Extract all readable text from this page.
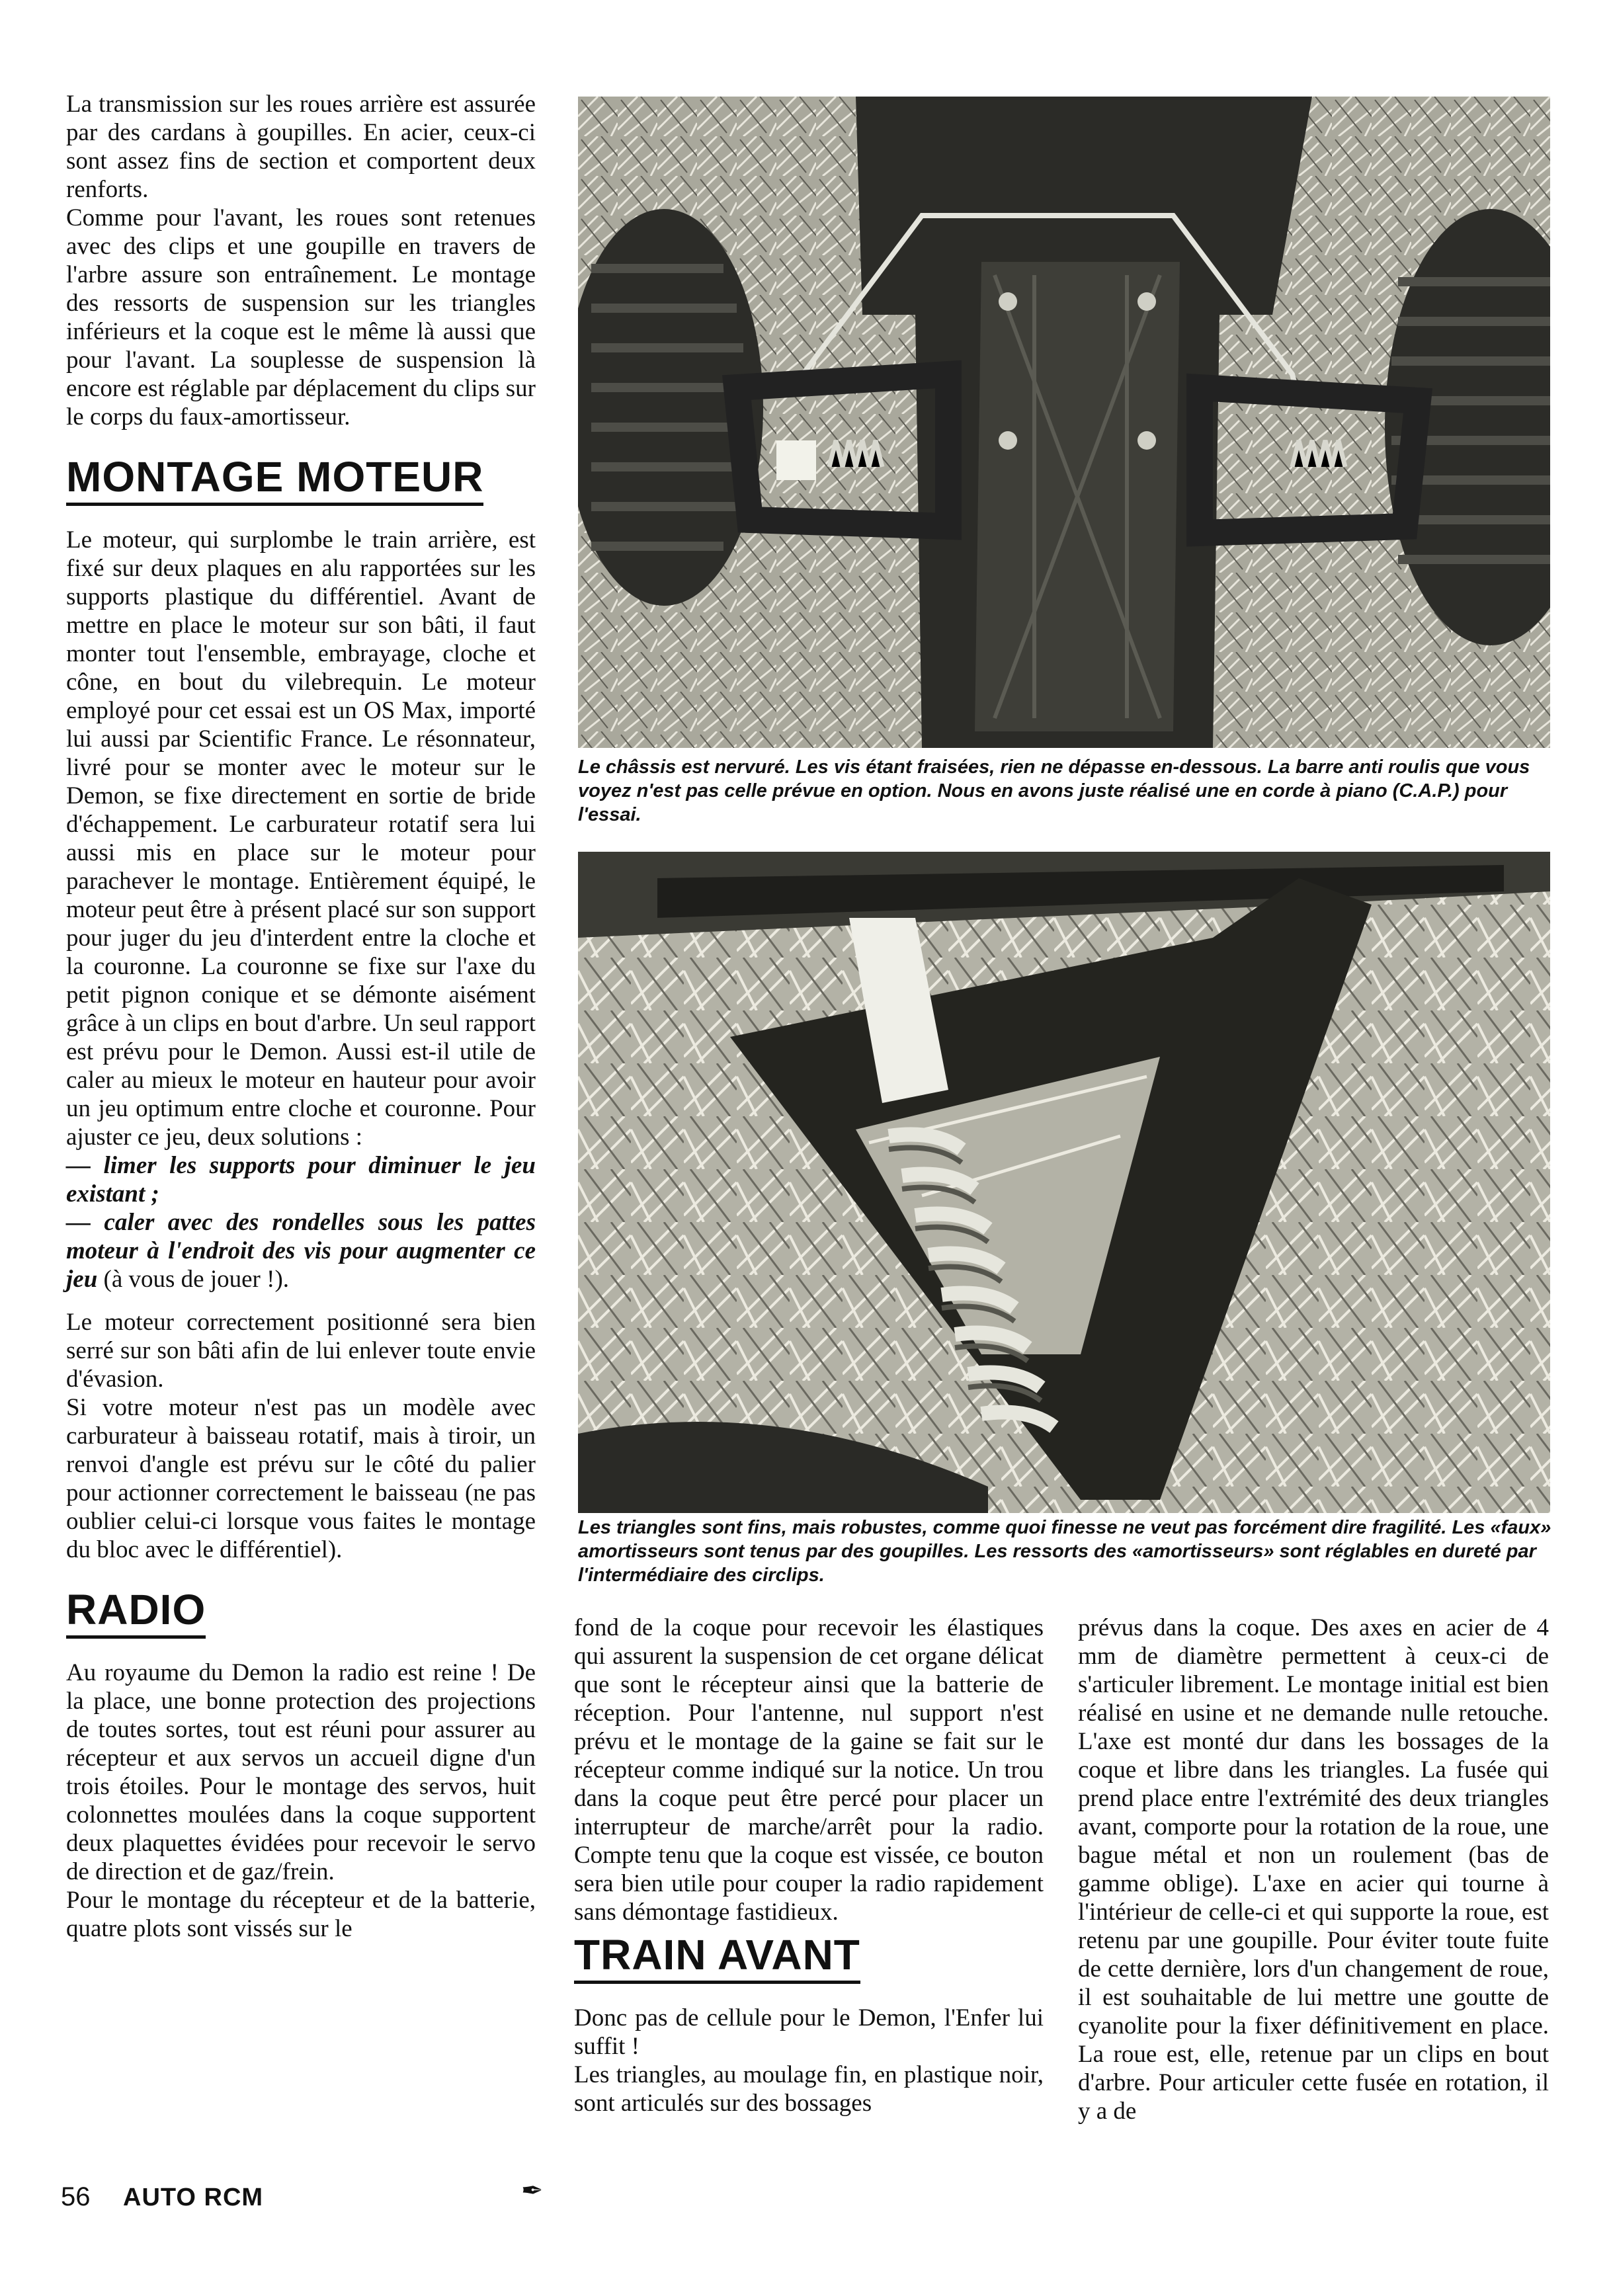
La transmission sur les roues arrière est assurée par des cardans à goupilles. En acier, ceux-ci sont assez fins de section et comportent deux renforts.

Comme pour l'avant, les roues sont retenues avec des clips et une goupille en travers de l'arbre assure son entraînement. Le montage des ressorts de suspension sur les triangles inférieurs et la coque est le même là aussi que pour l'avant. La souplesse de suspension là encore est réglable par déplacement du clips sur le corps du faux-amortisseur.

MONTAGE MOTEUR

Le moteur, qui surplombe le train arrière, est fixé sur deux plaques en alu rapportées sur les supports plastique du différentiel. Avant de mettre en place le moteur sur son bâti, il faut monter tout l'ensemble, embrayage, cloche et cône, en bout du vilebrequin. Le moteur employé pour cet essai est un OS Max, importé lui aussi par Scientific France. Le résonnateur, livré pour se monter avec le moteur sur le Demon, se fixe directement en sortie de bride d'échappement. Le carburateur rotatif sera lui aussi mis en place sur le moteur pour parachever le montage. Entièrement équipé, le moteur peut être à présent placé sur son support pour juger du jeu d'interdent entre la cloche et la couronne. La couronne se fixe sur l'axe du petit pignon conique et se démonte aisément grâce à un clips en bout d'arbre. Un seul rapport est prévu pour le Demon. Aussi est-il utile de caler au mieux le moteur en hauteur pour avoir un jeu optimum entre cloche et couronne. Pour ajuster ce jeu, deux solutions :

— limer les supports pour diminuer le jeu existant ;

— caler avec des rondelles sous les pattes moteur à l'endroit des vis pour augmenter ce jeu (à vous de jouer !).

Le moteur correctement positionné sera bien serré sur son bâti afin de lui enlever toute envie d'évasion.

Si votre moteur n'est pas un modèle avec carburateur à baisseau rotatif, mais à tiroir, un renvoi d'angle est prévu sur le côté du palier pour actionner correctement le baisseau (ne pas oublier celui-ci lorsque vous faites le montage du bloc avec le différentiel).

RADIO

Au royaume du Demon la radio est reine ! De la place, une bonne protection des projections de toutes sortes, tout est réuni pour assurer au récepteur et aux servos un accueil digne d'un trois étoiles. Pour le montage des servos, huit colonnettes moulées dans la coque supportent deux plaquettes évidées pour recevoir le servo de direction et de gaz/frein.

Pour le montage du récepteur et de la batterie, quatre plots sont vissés sur le

Le châssis est nervuré. Les vis étant fraisées, rien ne dépasse en-dessous. La barre anti roulis que vous voyez n'est pas celle prévue en option. Nous en avons juste réalisé une en corde à piano (C.A.P.) pour l'essai.
Les triangles sont fins, mais robustes, comme quoi finesse ne veut pas forcément dire fragilité. Les «faux» amortisseurs sont tenus par des goupilles. Les ressorts des «amortisseurs» sont réglables en dureté par l'intermédiaire des circlips.

fond de la coque pour recevoir les élastiques qui assurent la suspension de cet organe délicat que sont le récepteur ainsi que la batterie de réception. Pour l'antenne, nul support n'est prévu et le montage de la gaine se fait sur le récepteur comme indiqué sur la notice. Un trou dans la coque peut être percé pour placer un interrupteur de marche/arrêt pour la radio. Compte tenu que la coque est vissée, ce bouton sera bien utile pour couper la radio rapidement sans démontage fastidieux.

TRAIN AVANT

Donc pas de cellule pour le Demon, l'Enfer lui suffit !

Les triangles, au moulage fin, en plastique noir, sont articulés sur des bossages

prévus dans la coque. Des axes en acier de 4 mm de diamètre permettent à ceux-ci de s'articuler librement. Le montage initial est bien réalisé en usine et ne demande nulle retouche. L'axe est monté dur dans les bossages de la coque et libre dans les triangles. La fusée qui prend place entre l'extrémité des deux triangles avant, comporte pour la rotation de la roue, une bague métal et non un roulement (bas de gamme oblige). L'axe en acier qui tourne à l'intérieur de celle-ci et qui supporte la roue, est retenu par une goupille. Pour éviter toute fuite de cette dernière, lors d'un changement de roue, il est souhaitable de lui mettre une goutte de cyanolite pour la fixer définitivement en place. La roue est, elle, retenue par un clips en bout d'arbre. Pour articuler cette fusée en rotation, il y a de

56 AUTO RCM	✒
